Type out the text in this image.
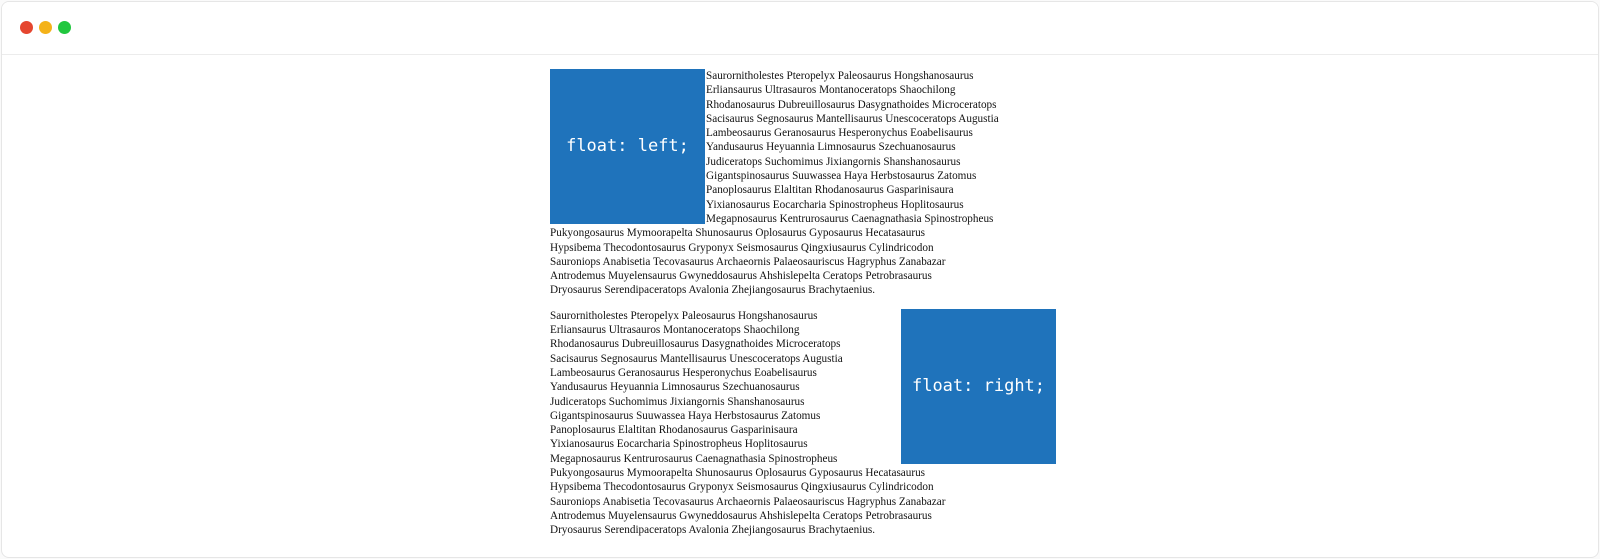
float: left;
Saurornitholestes Pteropelyx Paleosaurus Hongshanosaurus
Erliansaurus Ultrasauros Montanoceratops Shaochilong
Rhodanosaurus Dubreuillosaurus Dasygnathoides Microceratops
Sacisaurus Segnosaurus Mantellisaurus Unescoceratops Augustia
Lambeosaurus Geranosaurus Hesperonychus Eoabelisaurus
Yandusaurus Heyuannia Limnosaurus Szechuanosaurus
Judiceratops Suchomimus Jixiangornis Shanshanosaurus
Gigantspinosaurus Suuwassea Haya Herbstosaurus Zatomus
Panoplosaurus Elaltitan Rhodanosaurus Gasparinisaura
Yixianosaurus Eocarcharia Spinostropheus Hoplitosaurus
Megapnosaurus Kentrurosaurus Caenagnathasia Spinostropheus
Pukyongosaurus Mymoorapelta Shunosaurus Oplosaurus Gyposaurus Hecatasaurus
Hypsibema Thecodontosaurus Gryponyx Seismosaurus Qingxiusaurus Cylindricodon
Sauroniops Anabisetia Tecovasaurus Archaeornis Palaeosauriscus Hagryphus Zanabazar
Antrodemus Muyelensaurus Gwyneddosaurus Ahshislepelta Ceratops Petrobrasaurus
Dryosaurus Serendipaceratops Avalonia Zhejiangosaurus Brachytaenius.
float: right;
Saurornitholestes Pteropelyx Paleosaurus Hongshanosaurus
Erliansaurus Ultrasauros Montanoceratops Shaochilong
Rhodanosaurus Dubreuillosaurus Dasygnathoides Microceratops
Sacisaurus Segnosaurus Mantellisaurus Unescoceratops Augustia
Lambeosaurus Geranosaurus Hesperonychus Eoabelisaurus
Yandusaurus Heyuannia Limnosaurus Szechuanosaurus
Judiceratops Suchomimus Jixiangornis Shanshanosaurus
Gigantspinosaurus Suuwassea Haya Herbstosaurus Zatomus
Panoplosaurus Elaltitan Rhodanosaurus Gasparinisaura
Yixianosaurus Eocarcharia Spinostropheus Hoplitosaurus
Megapnosaurus Kentrurosaurus Caenagnathasia Spinostropheus
Pukyongosaurus Mymoorapelta Shunosaurus Oplosaurus Gyposaurus Hecatasaurus
Hypsibema Thecodontosaurus Gryponyx Seismosaurus Qingxiusaurus Cylindricodon
Sauroniops Anabisetia Tecovasaurus Archaeornis Palaeosauriscus Hagryphus Zanabazar
Antrodemus Muyelensaurus Gwyneddosaurus Ahshislepelta Ceratops Petrobrasaurus
Dryosaurus Serendipaceratops Avalonia Zhejiangosaurus Brachytaenius.
